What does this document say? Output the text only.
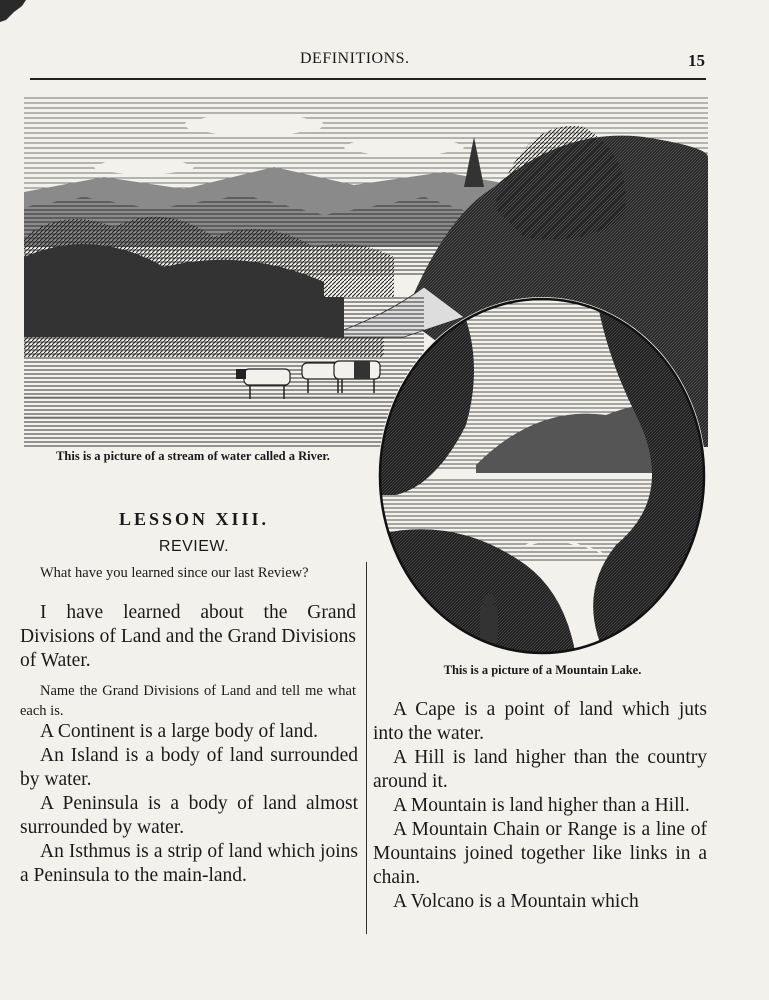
DEFINITIONS.	15
This is a picture of a stream of water called a River.
This is a picture of a Mountain Lake.
LESSON XIII.
REVIEW.
What have you learned since our last Review?
I have learned about the Grand Divisions of Land and the Grand Divisions of Water.
Name the Grand Divisions of Land and tell me what each is.

A Continent is a large body of land.

An Island is a body of land surrounded by water.

A Peninsula is a body of land almost surrounded by water.

An Isthmus is a strip of land which joins a Peninsula to the main-land.

A Cape is a point of land which juts into the water.

A Hill is land higher than the country around it.

A Mountain is land higher than a Hill.

A Mountain Chain or Range is a line of Mountains joined together like links in a chain.

A Volcano is a Mountain which
